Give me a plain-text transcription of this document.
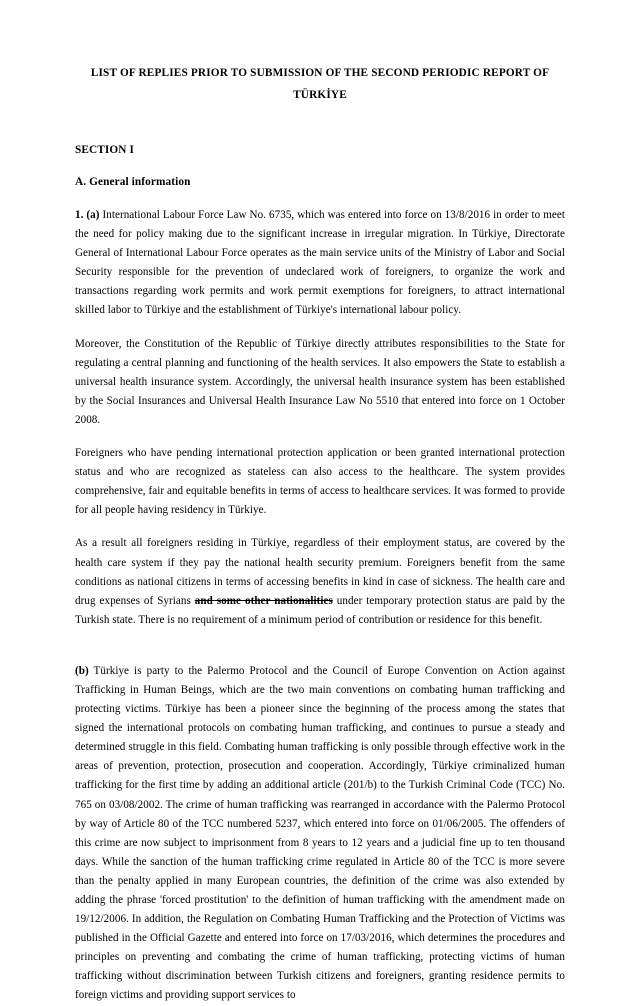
LIST OF REPLIES PRIOR TO SUBMISSION OF THE SECOND PERIODIC REPORT OF
TÜRKİYE
SECTION I
A. General information

1. (a) International Labour Force Law No. 6735, which was entered into force on 13/8/2016 in order to meet the need for policy making due to the significant increase in irregular migration. In Türkiye, Directorate General of International Labour Force operates as the main service units of the Ministry of Labor and Social Security responsible for the prevention of undeclared work of foreigners, to organize the work and transactions regarding work permits and work permit exemptions for foreigners, to attract international skilled labor to Türkiye and the establishment of Türkiye's international labour policy.

Moreover, the Constitution of the Republic of Türkiye directly attributes responsibilities to the State for regulating a central planning and functioning of the health services. It also empowers the State to establish a universal health insurance system. Accordingly, the universal health insurance system has been established by the Social Insurances and Universal Health Insurance Law No 5510 that entered into force on 1 October 2008.

Foreigners who have pending international protection application or been granted international protection status and who are recognized as stateless can also access to the healthcare. The system provides comprehensive, fair and equitable benefits in terms of access to healthcare services. It was formed to provide for all people having residency in Türkiye.

As a result all foreigners residing in Türkiye, regardless of their employment status, are covered by the health care system if they pay the national health security premium. Foreigners benefit from the same conditions as national citizens in terms of accessing benefits in kind in case of sickness. The health care and drug expenses of Syrians and some other nationalities under temporary protection status are paid by the Turkish state. There is no requirement of a minimum period of contribution or residence for this benefit.

(b) Türkiye is party to the Palermo Protocol and the Council of Europe Convention on Action against Trafficking in Human Beings, which are the two main conventions on combating human trafficking and protecting victims. Türkiye has been a pioneer since the beginning of the process among the states that signed the international protocols on combating human trafficking, and continues to pursue a steady and determined struggle in this field. Combating human trafficking is only possible through effective work in the areas of prevention, protection, prosecution and cooperation. Accordingly, Türkiye criminalized human trafficking for the first time by adding an additional article (201/b) to the Turkish Criminal Code (TCC) No. 765 on 03/08/2002. The crime of human trafficking was rearranged in accordance with the Palermo Protocol by way of Article 80 of the TCC numbered 5237, which entered into force on 01/06/2005. The offenders of this crime are now subject to imprisonment from 8 years to 12 years and a judicial fine up to ten thousand days. While the sanction of the human trafficking crime regulated in Article 80 of the TCC is more severe than the penalty applied in many European countries, the definition of the crime was also extended by adding the phrase 'forced prostitution' to the definition of human trafficking with the amendment made on 19/12/2006. In addition, the Regulation on Combating Human Trafficking and the Protection of Victims was published in the Official Gazette and entered into force on 17/03/2016, which determines the procedures and principles on preventing and combating the crime of human trafficking, protecting victims of human trafficking without discrimination between Turkish citizens and foreigners, granting residence permits to foreign victims and providing support services to
